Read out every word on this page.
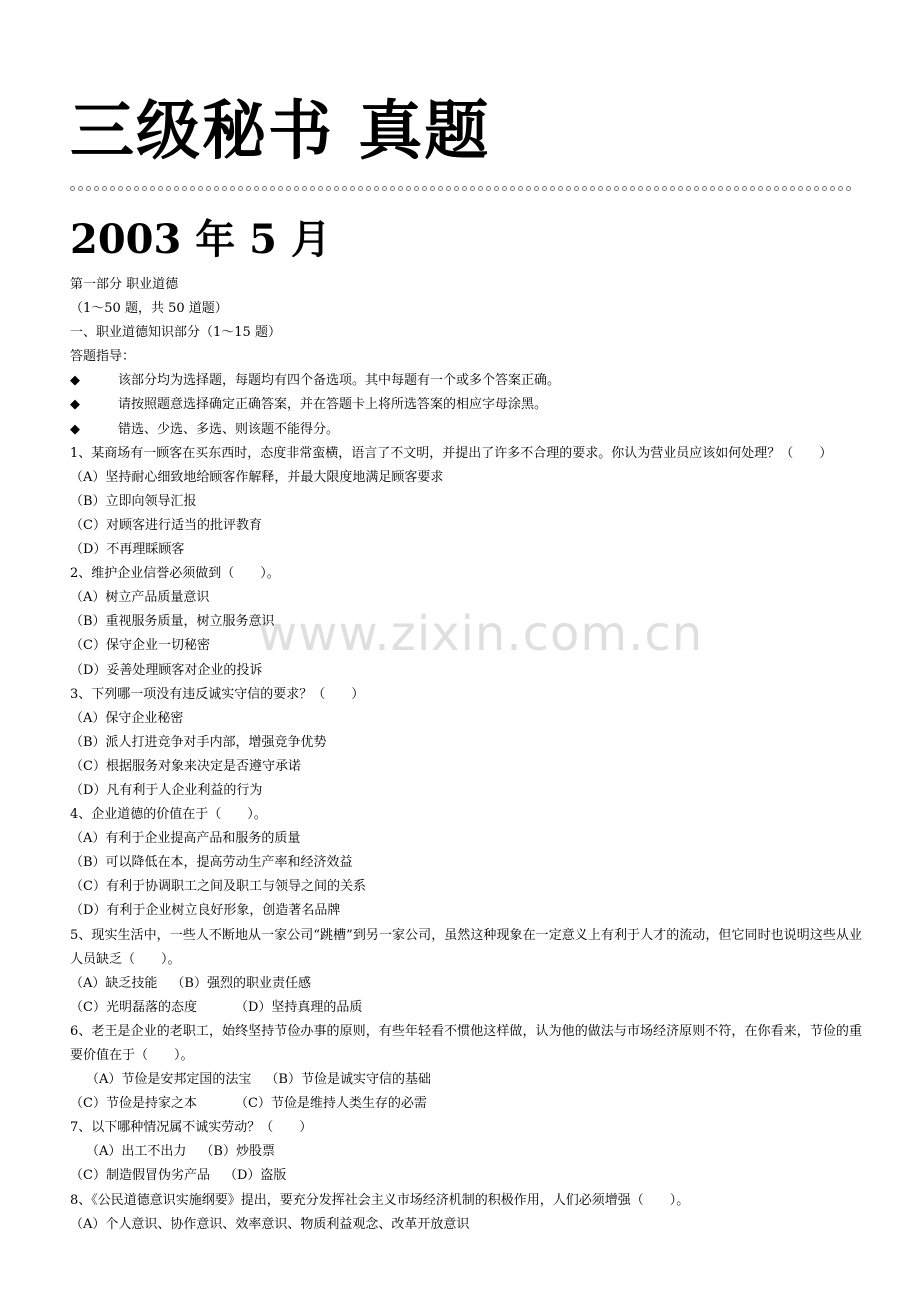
三级秘书 真题
2003 年 5 月
第一部分 职业道德
（1～50 题，共 50 道题）
一、职业道德知识部分（1～15 题）
答题指导：
◆	该部分均为选择题，每题均有四个备选项。其中每题有一个或多个答案正确。
◆	请按照题意选择确定正确答案，并在答题卡上将所选答案的相应字母涂黑。
◆	错选、少选、多选、则该题不能得分。
1、某商场有一顾客在买东西时，态度非常蛮横，语言了不文明，并提出了许多不合理的要求。你认为营业员应该如何处理？（　　）
（A）坚持耐心细致地给顾客作解释，并最大限度地满足顾客要求
（B）立即向领导汇报
（C）对顾客进行适当的批评教育
（D）不再理睬顾客
2、维护企业信誉必须做到（　　）。
（A）树立产品质量意识
（B）重视服务质量，树立服务意识
（C）保守企业一切秘密
（D）妥善处理顾客对企业的投诉
3、下列哪一项没有违反诚实守信的要求？（　　）
（A）保守企业秘密
（B）派人打进竞争对手内部，增强竞争优势
（C）根据服务对象来决定是否遵守承诺
（D）凡有利于人企业利益的行为
4、企业道德的价值在于（　　）。
（A）有利于企业提高产品和服务的质量
（B）可以降低在本，提高劳动生产率和经济效益
（C）有利于协调职工之间及职工与领导之间的关系
（D）有利于企业树立良好形象，创造著名品牌
5、现实生活中，一些人不断地从一家公司“跳槽”到另一家公司，虽然这种现象在一定意义上有利于人才的流动，但它同时也说明这些从业人员缺乏（　　）。
（A）缺乏技能 （B）强烈的职业责任感
（C）光明磊落的态度	（D）坚持真理的品质
6、老王是企业的老职工，始终坚持节俭办事的原则，有些年轻看不惯他这样做，认为他的做法与市场经济原则不符，在你看来，节俭的重要价值在于（　　）。
（A）节俭是安邦定国的法宝 （B）节俭是诚实守信的基础
（C）节俭是持家之本	（C）节俭是维持人类生存的必需
7、以下哪种情况属不诚实劳动？（　　）
（A）出工不出力 （B）炒股票
（C）制造假冒伪劣产品 （D）盗版
8、《公民道德意识实施纲要》提出，要充分发挥社会主义市场经济机制的积极作用，人们必须增强（　　）。
（A）个人意识、协作意识、效率意识、物质利益观念、改革开放意识
www.zixin.com.cn
